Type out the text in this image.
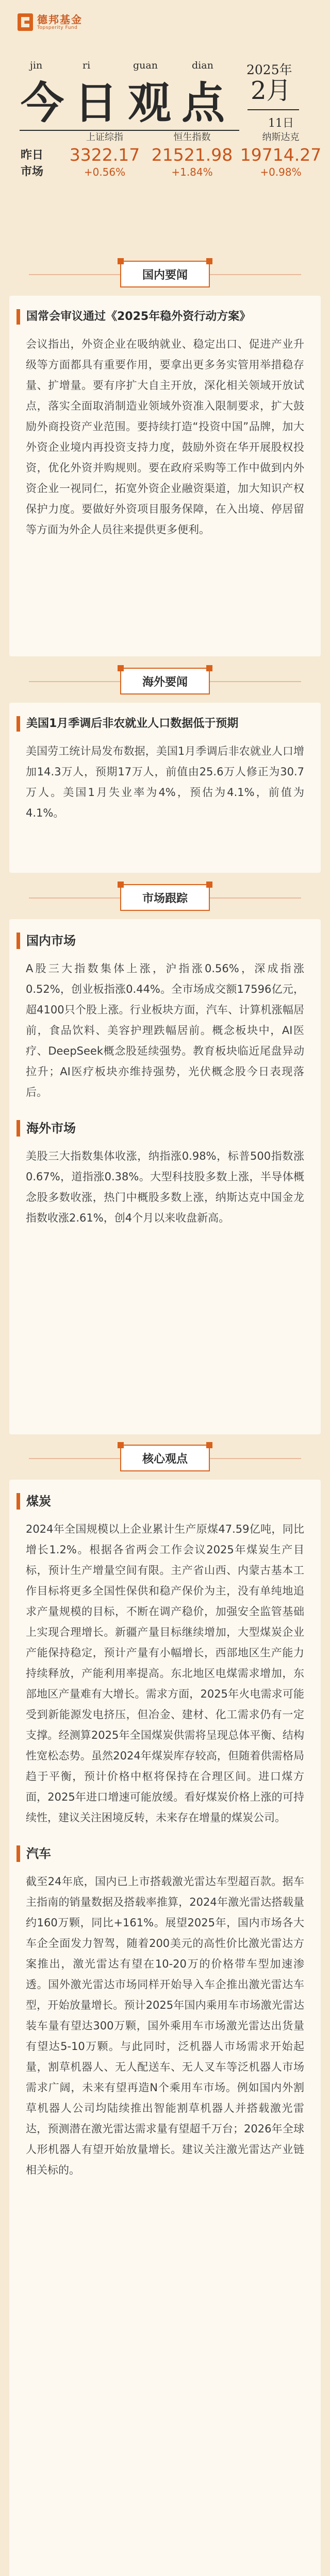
德邦基金
Topsperity Fund
jin	ri	guan	dian
今日观点
2025年
2月
11日
昨日
市场
上证综指
3322.17
+0.56%
恒生指数
21521.98
+1.84%
纳斯达克
19714.27
+0.98%
国内要闻
国常会审议通过《2025年稳外资行动方案》

会议指出，外资企业在吸纳就业、稳定出口、促进产业升级等方面都具有重要作用，要拿出更多务实管用举措稳存量、扩增量。要有序扩大自主开放，深化相关领域开放试点，落实全面取消制造业领域外资准入限制要求，扩大鼓励外商投资产业范围。要持续打造“投资中国”品牌，加大外资企业境内再投资支持力度，鼓励外资在华开展股权投资，优化外资并购规则。要在政府采购等工作中做到内外资企业一视同仁，拓宽外资企业融资渠道，加大知识产权保护力度。要做好外资项目服务保障，在入出境、停居留等方面为外企人员往来提供更多便利。

海外要闻
美国1月季调后非农就业人口数据低于预期

美国劳工统计局发布数据，美国1月季调后非农就业人口增加14.3万人，预期17万人，前值由25.6万人修正为30.7万人。美国1月失业率为4%，预估为4.1%，前值为4.1%。

市场跟踪
国内市场

A股三大指数集体上涨，沪指涨0.56%，深成指涨0.52%，创业板指涨0.44%。全市场成交额17596亿元，超4100只个股上涨。行业板块方面，汽车、计算机涨幅居前，食品饮料、美容护理跌幅居前。概念板块中，AI医疗、DeepSeek概念股延续强势。教育板块临近尾盘异动拉升；AI医疗板块亦维持强势，光伏概念股今日表现落后。

海外市场

美股三大指数集体收涨，纳指涨0.98%，标普500指数涨0.67%，道指涨0.38%。大型科技股多数上涨，半导体概念股多数收涨，热门中概股多数上涨，纳斯达克中国金龙指数收涨2.61%，创4个月以来收盘新高。

核心观点
煤炭

2024年全国规模以上企业累计生产原煤47.59亿吨，同比增长1.2%。根据各省两会工作会议2025年煤炭生产目标，预计生产增量空间有限。主产省山西、内蒙古基本工作目标将更多全国性保供和稳产保价为主，没有单纯地追求产量规模的目标，不断在调产稳价，加强安全监管基础上实现合理增长。新疆产量目标继续增加，大型煤炭企业产能保持稳定，预计产量有小幅增长，西部地区生产能力持续释放，产能利用率提高。东北地区电煤需求增加，东部地区产量难有大增长。需求方面，2025年火电需求可能受到新能源发电挤压，但冶金、建材、化工需求仍有一定支撑。经测算2025年全国煤炭供需将呈现总体平衡、结构性宽松态势。虽然2024年煤炭库存较高，但随着供需格局趋于平衡，预计价格中枢将保持在合理区间。进口煤方面，2025年进口增速可能放缓。看好煤炭价格上涨的可持续性，建议关注困境反转，未来存在增量的煤炭公司。

汽车

截至24年底，国内已上市搭载激光雷达车型超百款。据车主指南的销量数据及搭载率推算，2024年激光雷达搭载量约160万颗，同比+161%。展望2025年，国内市场各大车企全面发力智驾，随着200美元的高性价比激光雷达方案推出，激光雷达有望在10-20万的价格带车型加速渗透。国外激光雷达市场同样开始导入车企推出激光雷达车型，开始放量增长。预计2025年国内乘用车市场激光雷达装车量有望达300万颗，国外乘用车市场激光雷达出货量有望达5-10万颗。与此同时，泛机器人市场需求开始起量，割草机器人、无人配送车、无人叉车等泛机器人市场需求广阔，未来有望再造N个乘用车市场。例如国内外割草机器人公司均陆续推出智能割草机器人并搭载激光雷达，预测潜在激光雷达需求量有望超千万台；2026年全球人形机器人有望开始放量增长。建议关注激光雷达产业链相关标的。
